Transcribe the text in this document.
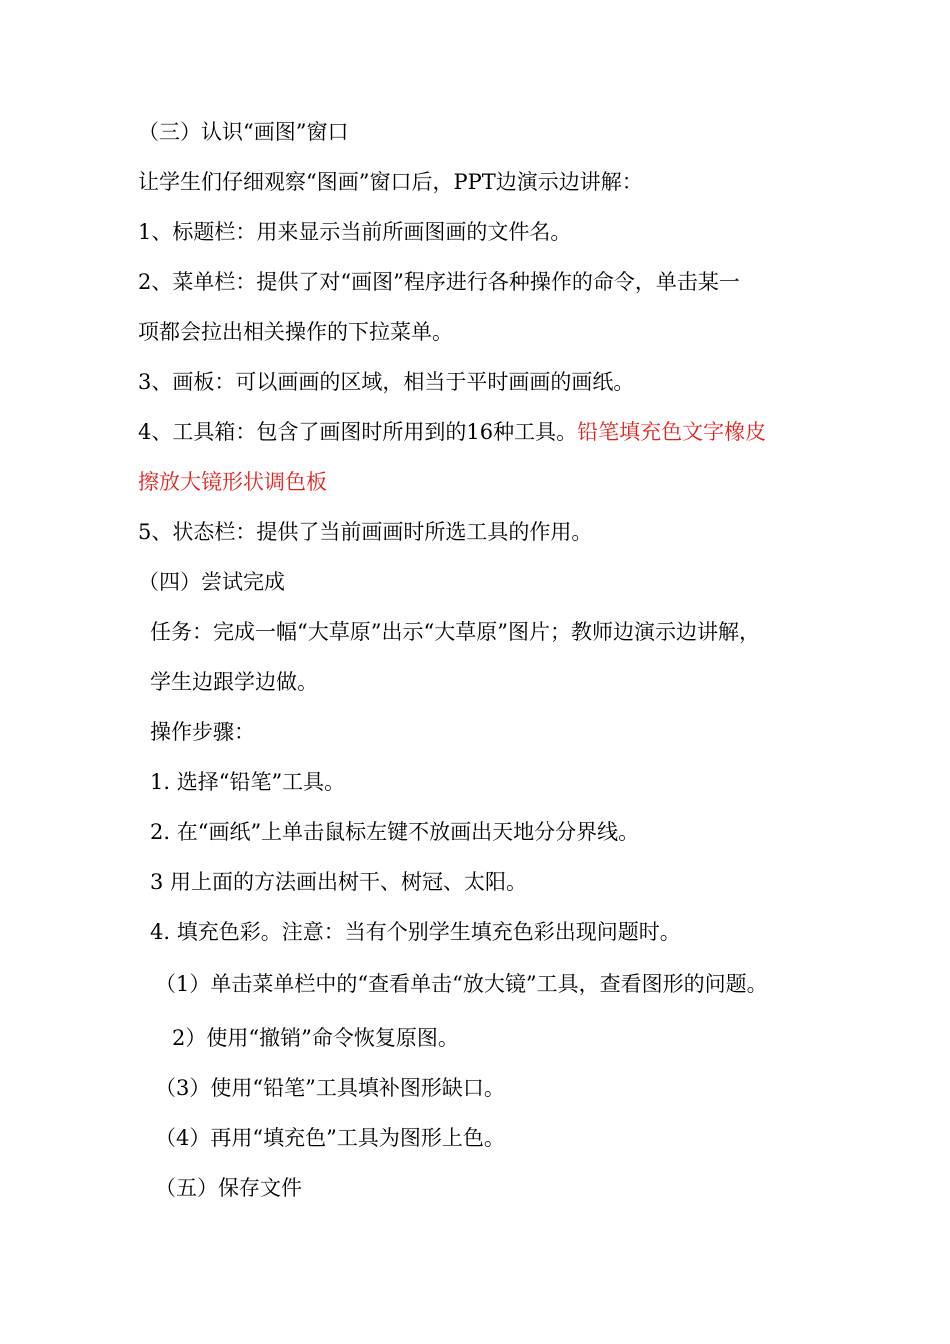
（三）认识“画图”窗口
让学生们仔细观察“图画”窗口后，PPT边演示边讲解：
1、标题栏：用来显示当前所画图画的文件名。
2、菜单栏：提供了对“画图”程序进行各种操作的命令，单击某一
项都会拉出相关操作的下拉菜单。
3、画板：可以画画的区域，相当于平时画画的画纸。
4、工具箱：包含了画图时所用到的16种工具。铅笔填充色文字橡皮
擦放大镜形状调色板
5、状态栏：提供了当前画画时所选工具的作用。
（四）尝试完成
任务：完成一幅“大草原”出示“大草原”图片；教师边演示边讲解，
学生边跟学边做。
操作步骤：
1. 选择“铅笔”工具。
2. 在“画纸”上单击鼠标左键不放画出天地分分界线。
3 用上面的方法画出树干、树冠、太阳。
4. 填充色彩。注意：当有个别学生填充色彩出现问题时。
（1）单击菜单栏中的“查看单击“放大镜”工具，查看图形的问题。
2）使用“撤销”命令恢复原图。
（3）使用“铅笔”工具填补图形缺口。
（4）再用“填充色”工具为图形上色。
（五）保存文件
